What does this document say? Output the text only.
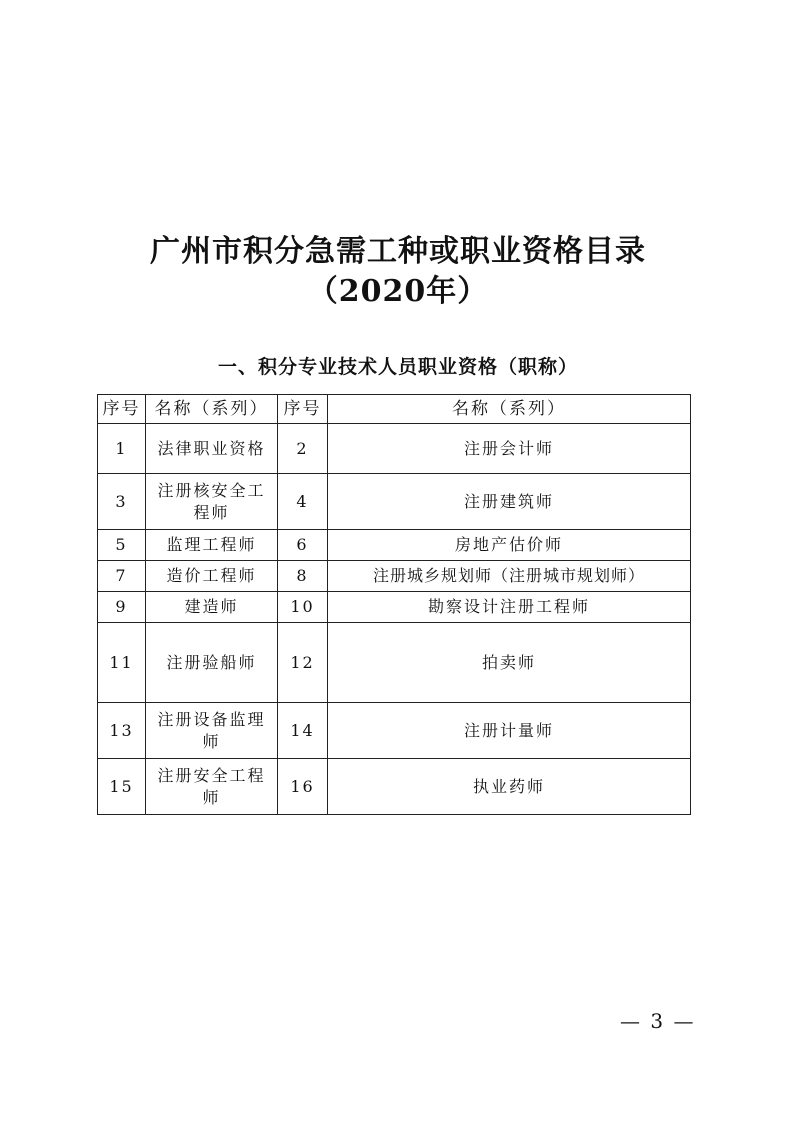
广州市积分急需工种或职业资格目录
（2020年）
一、积分专业技术人员职业资格（职称）
序号	名称（系列）	序号	名称（系列）
1	法律职业资格	2	注册会计师
3	注册核安全工程师	4	注册建筑师
5	监理工程师	6	房地产估价师
7	造价工程师	8	注册城乡规划师（注册城市规划师）
9	建造师	10	勘察设计注册工程师
11	注册验船师	12	拍卖师
13	注册设备监理师	14	注册计量师
15	注册安全工程师	16	执业药师
— 3 —
